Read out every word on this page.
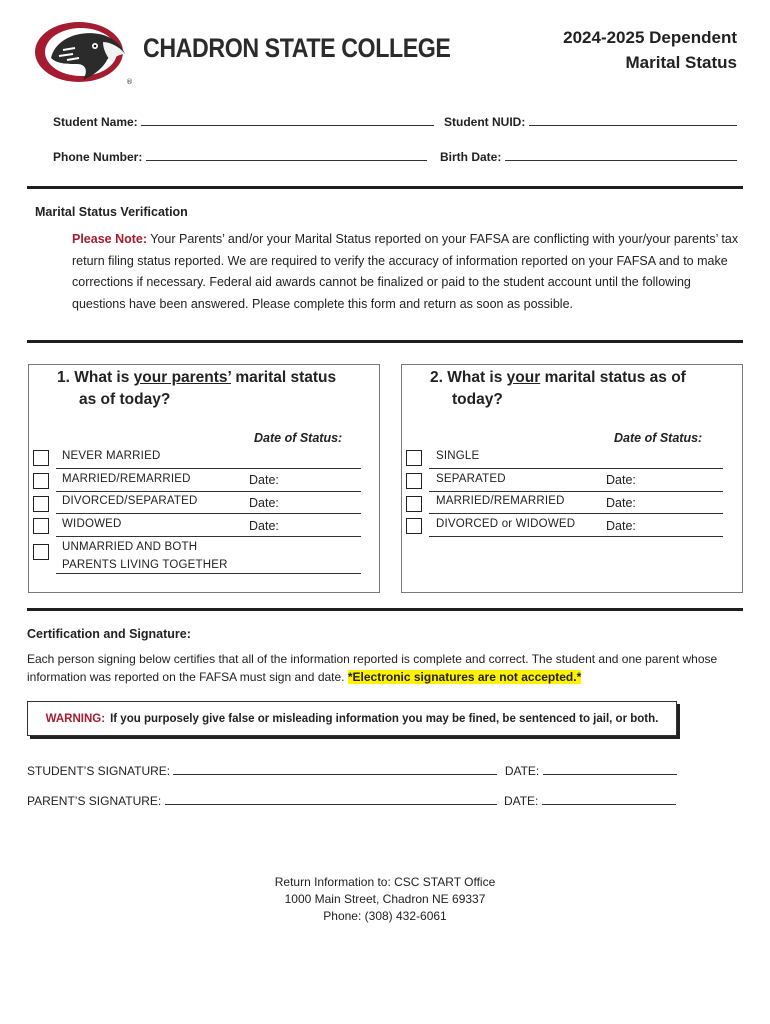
®
CHADRON STATE COLLEGE	2024-2025 Dependent
Marital Status
Student Name:	Student NUID:
Phone Number:	Birth Date:
Marital Status Verification
Please Note: Your Parents’ and/or your Marital Status reported on your FAFSA are conflicting with your/your parents’ tax return filing status reported. We are required to verify the accuracy of information reported on your FAFSA and to make corrections if necessary. Federal aid awards cannot be finalized or paid to the student account until the following questions have been answered. Please complete this form and return as soon as possible.
1. What is your parents’ marital status
as of today?
Date of Status:
NEVER MARRIED
MARRIED/REMARRIED	Date:
DIVORCED/SEPARATED	Date:
WIDOWED	Date:
UNMARRIED AND BOTH
PARENTS LIVING TOGETHER
2. What is your marital status as of
today?
Date of Status:
SINGLE
SEPARATED	Date:
MARRIED/REMARRIED	Date:
DIVORCED or WIDOWED Date:
Certification and Signature:
Each person signing below certifies that all of the information reported is complete and correct. The student and one parent whose information was reported on the FAFSA must sign and date. *Electronic signatures are not accepted.*
WARNING: If you purposely give false or misleading information you may be fined, be sentenced to jail, or both.
STUDENT’S SIGNATURE:	DATE:
PARENT’S SIGNATURE:	DATE:
Return Information to: CSC START Office
1000 Main Street, Chadron NE 69337
Phone: (308) 432-6061
